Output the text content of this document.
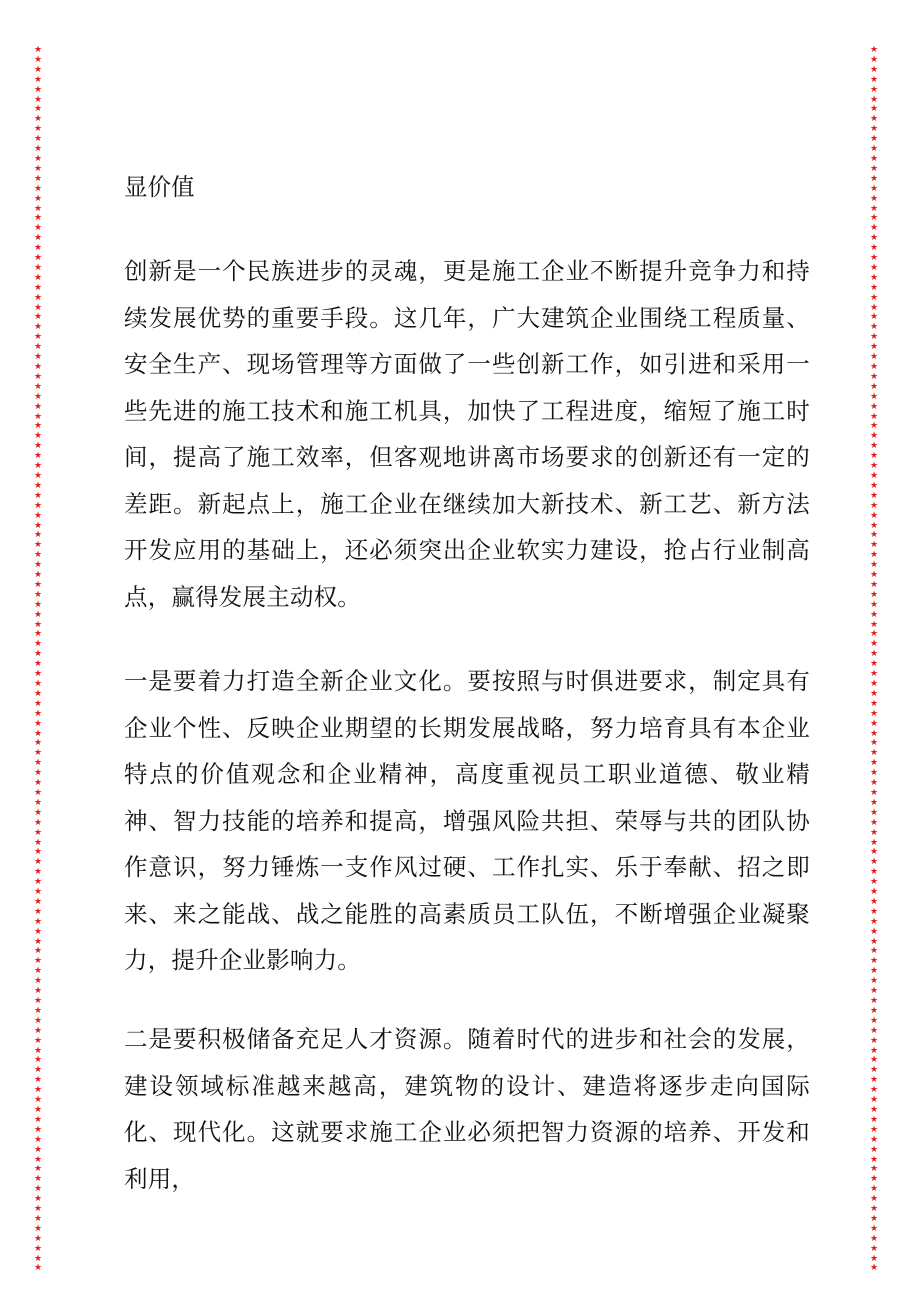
★
★
★
★
★
★
★
★
★
★
★
★
★
★
★
★
★
★
★
★
★
★
★
★
★
★
★
★
★
★
★
★
★
★
★
★
★
★
★
★
★
★
★
★
★
★
★
★
★
★
★
★
★
★
★
★
★
★
★
★
★
★
★
★
★
★
★
★
★
★
★
★
★
★
★
★
★
★
★
★
★
★
★
★
★
★
★
★
★
★
★
★
★
★
★
★
★
★
★
★
★
★
★
★
★
★
★
★
★
★
★
★
★
★
★
★
★
★
★
★
★
★
★
★
★
★
★
★
★
★
★
★
★
★
★
★
★
★
★
★
★
★
★
★
★
★
★
★
★
★
★
★
★
★
★
★
★
★
★
★
★
★
★
★
★
★
★
★
★
★
★
★
★
★
★
★
★
★
★
★
★
★
★
★
★
★
★
★
★
★
★
★
★
★
★
★
★
★
★
★
★
★
★
★
★
★
★
★
★
★
★
★
★
★
★
★
★
★
★
★
★
★
★
★
★
★
★
★
★
★
★
★
★
★
★
★
★
★
★
★
★
★
★
★
★
★
★
★

显价值

创新是一个民族进步的灵魂，更是施工企业不断提升竞争力和持续发展优势的重要手段。这几年，广大建筑企业围绕工程质量、安全生产、现场管理等方面做了一些创新工作，如引进和采用一些先进的施工技术和施工机具，加快了工程进度，缩短了施工时间，提高了施工效率，但客观地讲离市场要求的创新还有一定的差距。新起点上，施工企业在继续加大新技术、新工艺、新方法开发应用的基础上，还必须突出企业软实力建设，抢占行业制高点，赢得发展主动权。

一是要着力打造全新企业文化。要按照与时俱进要求，制定具有企业个性、反映企业期望的长期发展战略，努力培育具有本企业特点的价值观念和企业精神，高度重视员工职业道德、敬业精神、智力技能的培养和提高，增强风险共担、荣辱与共的团队协作意识，努力锤炼一支作风过硬、工作扎实、乐于奉献、招之即来、来之能战、战之能胜的高素质员工队伍，不断增强企业凝聚力，提升企业影响力。

二是要积极储备充足人才资源。随着时代的进步和社会的发展，建设领域标准越来越高，建筑物的设计、建造将逐步走向国际化、现代化。这就要求施工企业必须把智力资源的培养、开发和利用，
